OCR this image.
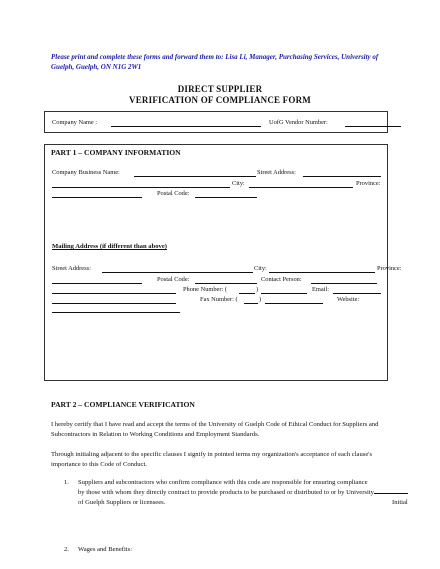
Please print and complete these forms and forward them to: Lisa Li, Manager, Purchasing Services, University of Guelph, Guelph, ON N1G 2W1
DIRECT SUPPLIER
VERIFICATION OF COMPLIANCE FORM
Company Name :	UofG Vendor Number:
PART 1 – COMPANY INFORMATION
Company Business Name:	Street Address:
City:	Province:
Postal Code:
Mailing Address (if different than above)
Street Address:	City:	Province:
Postal Code:	Contact Person:
Phone Number: (	)	Email:
Fax Number: (	)	Website:
PART 2 – COMPLIANCE VERIFICATION
I hereby certify that I have read and accept the terms of the University of Guelph Code of Ethical Conduct for Suppliers and Subcontractors in Relation to Working Conditions and Employment Standards.
Through initialing adjacent to the specific clauses I signify in pointed terms my organization's acceptance of each clause's importance to this Code of Conduct.
1. Suppliers and subcontractors who confirm compliance with this code are responsible for ensuring compliance by those with whom they directly contract to provide products to be purchased or distributed to or by University of Guelph Suppliers or licensees.	Initial
2. Wages and Benefits:
